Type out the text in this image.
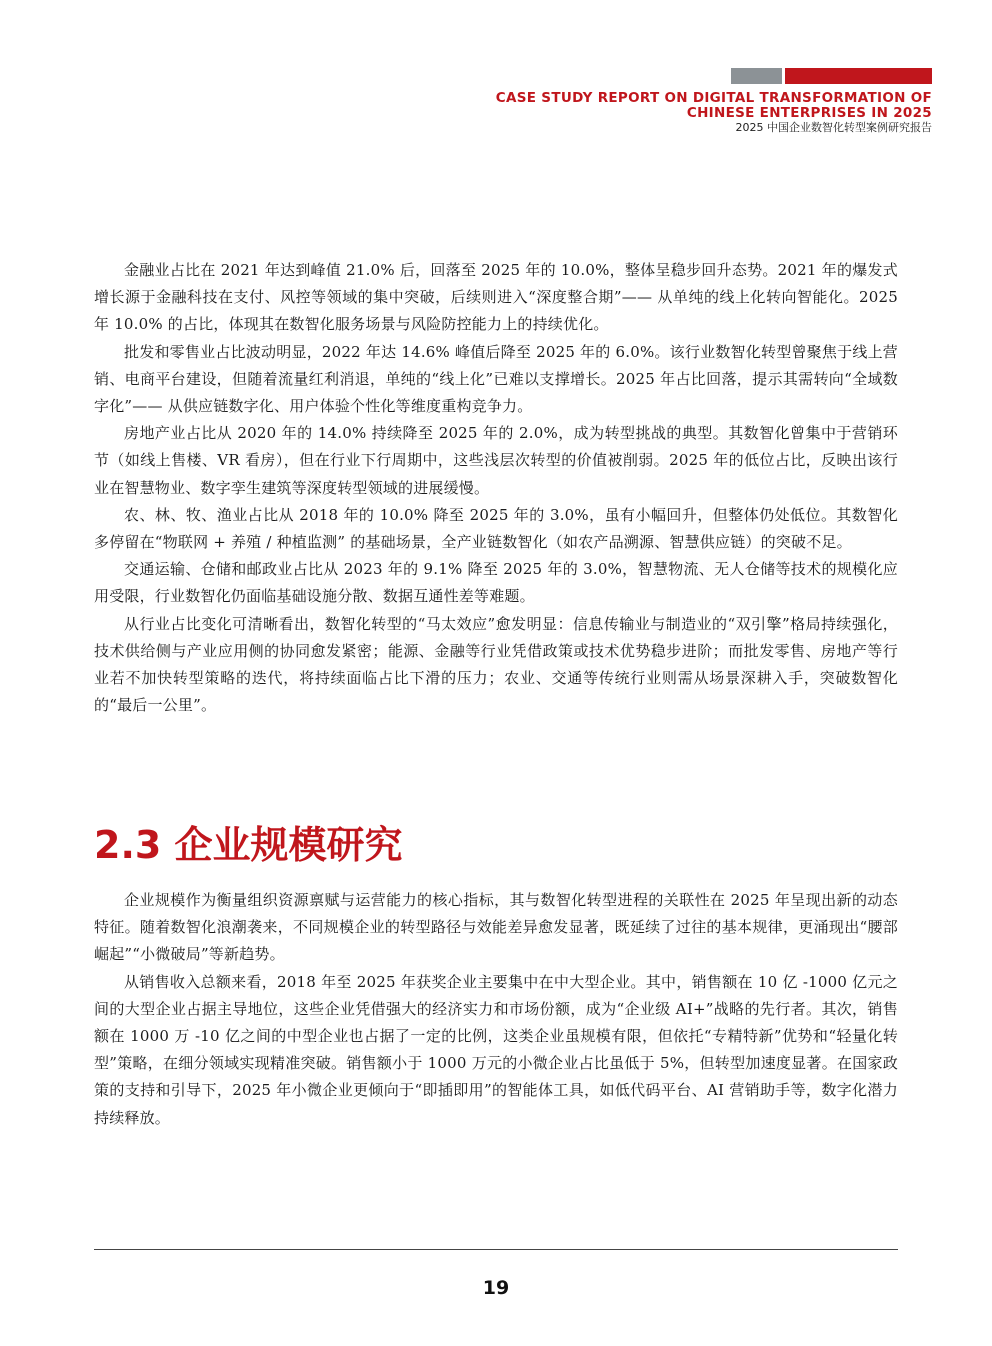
CASE STUDY REPORT ON DIGITAL TRANSFORMATION OF
CHINESE ENTERPRISES IN 2025
2025 中国企业数智化转型案例研究报告

金融业占比在 2021 年达到峰值 21.0% 后，回落至 2025 年的 10.0%，整体呈稳步回升态势。2021 年的爆发式增长源于金融科技在支付、风控等领域的集中突破，后续则进入“深度整合期”—— 从单纯的线上化转向智能化。2025 年 10.0% 的占比，体现其在数智化服务场景与风险防控能力上的持续优化。

批发和零售业占比波动明显，2022 年达 14.6% 峰值后降至 2025 年的 6.0%。该行业数智化转型曾聚焦于线上营销、电商平台建设，但随着流量红利消退，单纯的“线上化”已难以支撑增长。2025 年占比回落，提示其需转向“全域数字化”—— 从供应链数字化、用户体验个性化等维度重构竞争力。

房地产业占比从 2020 年的 14.0% 持续降至 2025 年的 2.0%，成为转型挑战的典型。其数智化曾集中于营销环节（如线上售楼、VR 看房），但在行业下行周期中，这些浅层次转型的价值被削弱。2025 年的低位占比，反映出该行业在智慧物业、数字孪生建筑等深度转型领域的进展缓慢。

农、林、牧、渔业占比从 2018 年的 10.0% 降至 2025 年的 3.0%，虽有小幅回升，但整体仍处低位。其数智化多停留在“物联网 + 养殖 / 种植监测” 的基础场景，全产业链数智化（如农产品溯源、智慧供应链）的突破不足。

交通运输、仓储和邮政业占比从 2023 年的 9.1% 降至 2025 年的 3.0%，智慧物流、无人仓储等技术的规模化应用受限，行业数智化仍面临基础设施分散、数据互通性差等难题。

从行业占比变化可清晰看出，数智化转型的“马太效应”愈发明显：信息传输业与制造业的“双引擎”格局持续强化，技术供给侧与产业应用侧的协同愈发紧密；能源、金融等行业凭借政策或技术优势稳步进阶；而批发零售、房地产等行业若不加快转型策略的迭代，将持续面临占比下滑的压力；农业、交通等传统行业则需从场景深耕入手，突破数智化的“最后一公里”。

2.3 企业规模研究

企业规模作为衡量组织资源禀赋与运营能力的核心指标，其与数智化转型进程的关联性在 2025 年呈现出新的动态特征。随着数智化浪潮袭来，不同规模企业的转型路径与效能差异愈发显著，既延续了过往的基本规律，更涌现出“腰部崛起”“小微破局”等新趋势。

从销售收入总额来看，2018 年至 2025 年获奖企业主要集中在中大型企业。其中，销售额在 10 亿 -1000 亿元之间的大型企业占据主导地位，这些企业凭借强大的经济实力和市场份额，成为“企业级 AI+”战略的先行者。其次，销售额在 1000 万 -10 亿之间的中型企业也占据了一定的比例，这类企业虽规模有限，但依托“专精特新”优势和“轻量化转型”策略，在细分领域实现精准突破。销售额小于 1000 万元的小微企业占比虽低于 5%，但转型加速度显著。在国家政策的支持和引导下，2025 年小微企业更倾向于“即插即用”的智能体工具，如低代码平台、AI 营销助手等，数字化潜力持续释放。

19
